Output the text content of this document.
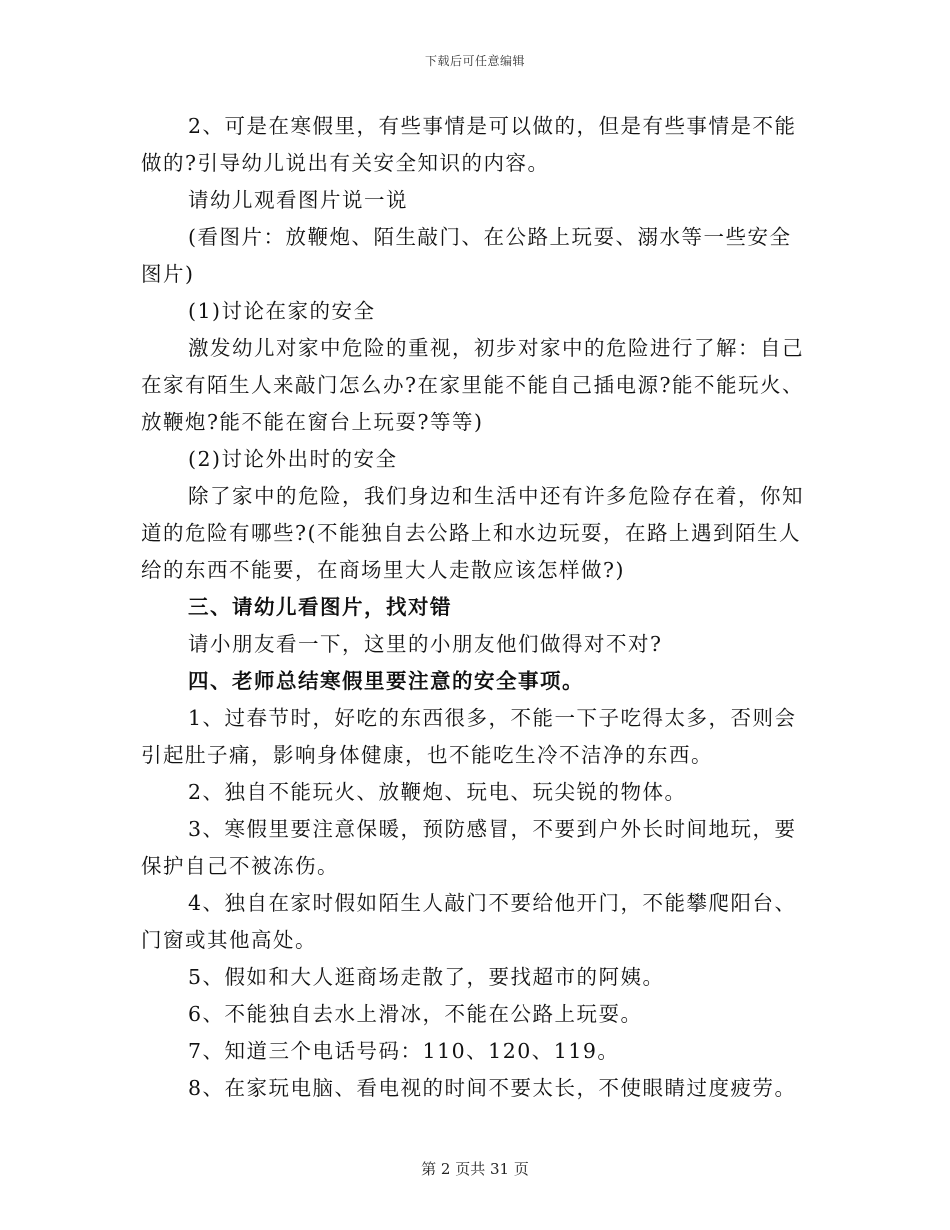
下载后可任意编辑

2、可是在寒假里，有些事情是可以做的，但是有些事情是不能做的?引导幼儿说出有关安全知识的内容。

请幼儿观看图片说一说

(看图片：放鞭炮、陌生敲门、在公路上玩耍、溺水等一些安全图片)

(1)讨论在家的安全

激发幼儿对家中危险的重视，初步对家中的危险进行了解：自己在家有陌生人来敲门怎么办?在家里能不能自己插电源?能不能玩火、放鞭炮?能不能在窗台上玩耍?等等)

(2)讨论外出时的安全

除了家中的危险，我们身边和生活中还有许多危险存在着，你知道的危险有哪些?(不能独自去公路上和水边玩耍，在路上遇到陌生人给的东西不能要，在商场里大人走散应该怎样做?)

三、请幼儿看图片，找对错

请小朋友看一下，这里的小朋友他们做得对不对?

四、老师总结寒假里要注意的安全事项。

1、过春节时，好吃的东西很多，不能一下子吃得太多，否则会引起肚子痛，影响身体健康，也不能吃生冷不洁净的东西。

2、独自不能玩火、放鞭炮、玩电、玩尖锐的物体。

3、寒假里要注意保暖，预防感冒，不要到户外长时间地玩，要保护自己不被冻伤。

4、独自在家时假如陌生人敲门不要给他开门，不能攀爬阳台、门窗或其他高处。

5、假如和大人逛商场走散了，要找超市的阿姨。

6、不能独自去水上滑冰，不能在公路上玩耍。

7、知道三个电话号码：110、120、119。

8、在家玩电脑、看电视的时间不要太长，不使眼睛过度疲劳。

第 2 页共 31 页
